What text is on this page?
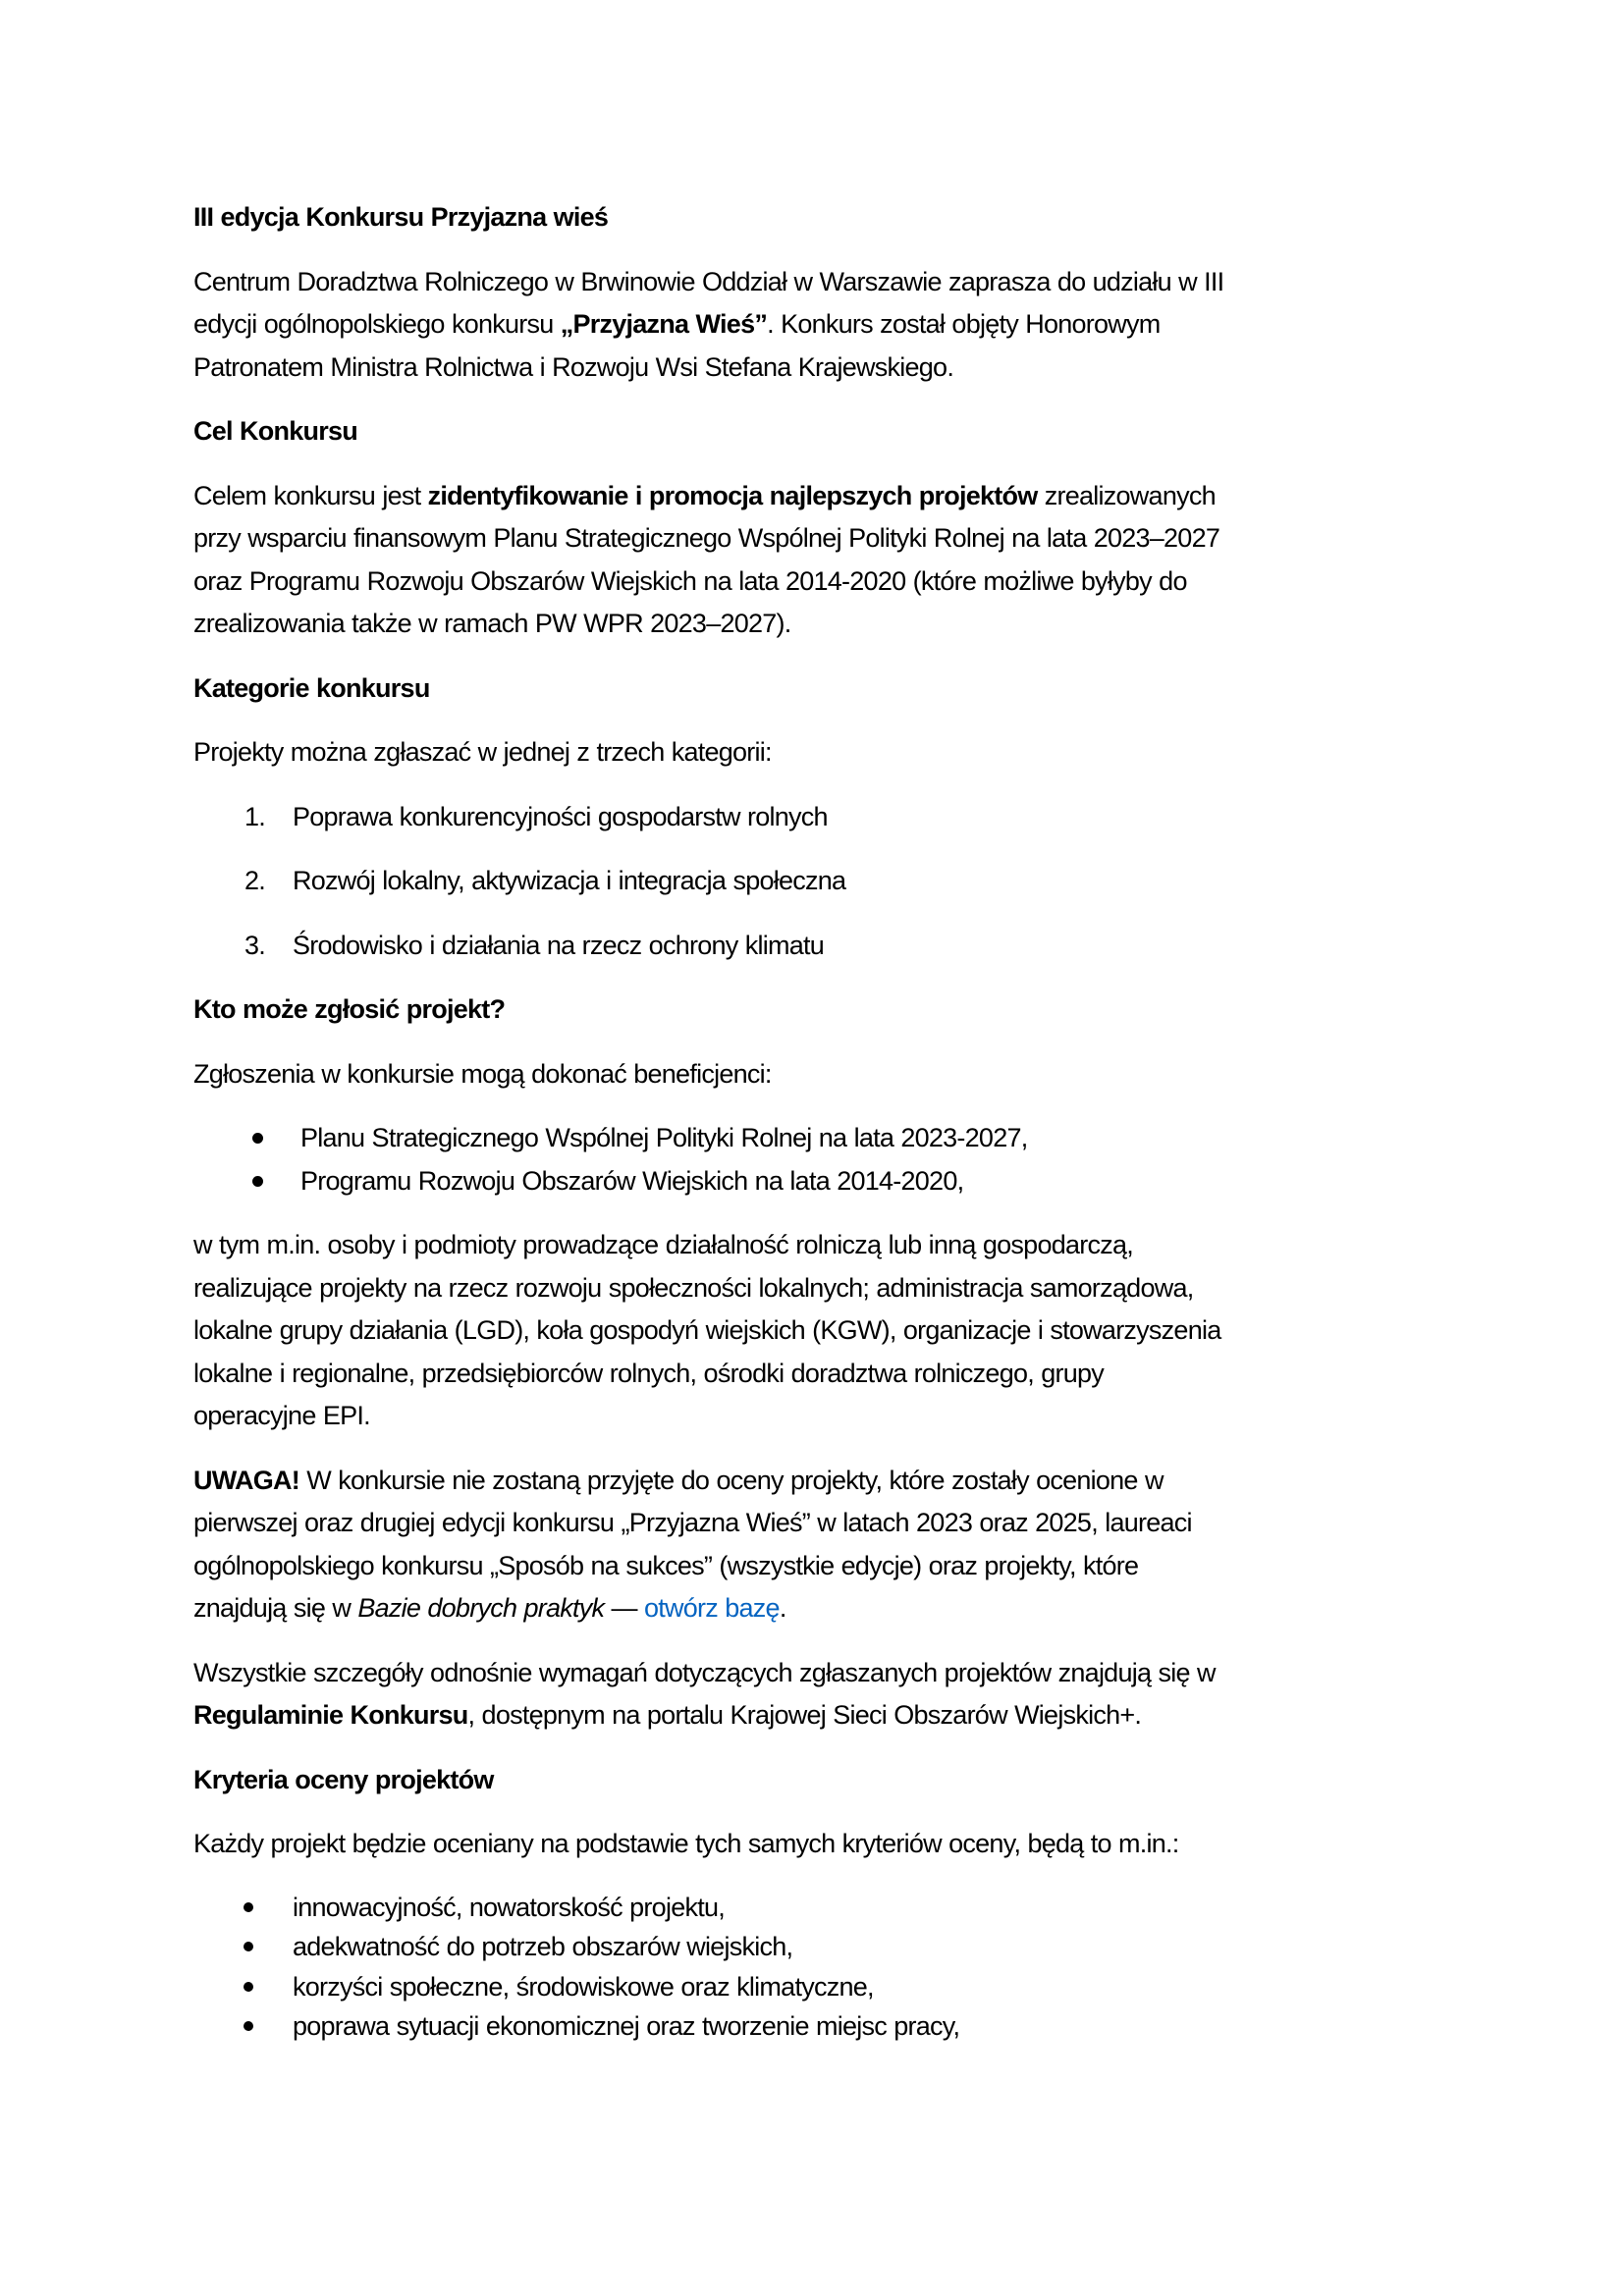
III edycja Konkursu Przyjazna wieś
Centrum Doradztwa Rolniczego w Brwinowie Oddział w Warszawie zaprasza do udziału w III
edycji ogólnopolskiego konkursu „Przyjazna Wieś”. Konkurs został objęty Honorowym
Patronatem Ministra Rolnictwa i Rozwoju Wsi Stefana Krajewskiego.
Cel Konkursu
Celem konkursu jest zidentyfikowanie i promocja najlepszych projektów zrealizowanych
przy wsparciu finansowym Planu Strategicznego Wspólnej Polityki Rolnej na lata 2023–2027
oraz Programu Rozwoju Obszarów Wiejskich na lata 2014-2020 (które możliwe byłyby do
zrealizowania także w ramach PW WPR 2023–2027).
Kategorie konkursu
Projekty można zgłaszać w jednej z trzech kategorii:
1. Poprawa konkurencyjności gospodarstw rolnych
2. Rozwój lokalny, aktywizacja i integracja społeczna
3. Środowisko i działania na rzecz ochrony klimatu
Kto może zgłosić projekt?
Zgłoszenia w konkursie mogą dokonać beneficjenci:
Planu Strategicznego Wspólnej Polityki Rolnej na lata 2023-2027,
Programu Rozwoju Obszarów Wiejskich na lata 2014-2020,
w tym m.in. osoby i podmioty prowadzące działalność rolniczą lub inną gospodarczą,
realizujące projekty na rzecz rozwoju społeczności lokalnych; administracja samorządowa,
lokalne grupy działania (LGD), koła gospodyń wiejskich (KGW), organizacje i stowarzyszenia
lokalne i regionalne, przedsiębiorców rolnych, ośrodki doradztwa rolniczego, grupy
operacyjne EPI.
UWAGA! W konkursie nie zostaną przyjęte do oceny projekty, które zostały ocenione w
pierwszej oraz drugiej edycji konkursu „Przyjazna Wieś” w latach 2023 oraz 2025, laureaci
ogólnopolskiego konkursu „Sposób na sukces” (wszystkie edycje) oraz projekty, które
znajdują się w Bazie dobrych praktyk — otwórz bazę.
Wszystkie szczegóły odnośnie wymagań dotyczących zgłaszanych projektów znajdują się w
Regulaminie Konkursu, dostępnym na portalu Krajowej Sieci Obszarów Wiejskich+.
Kryteria oceny projektów
Każdy projekt będzie oceniany na podstawie tych samych kryteriów oceny, będą to m.in.:
innowacyjność, nowatorskość projektu,
adekwatność do potrzeb obszarów wiejskich,
korzyści społeczne, środowiskowe oraz klimatyczne,
poprawa sytuacji ekonomicznej oraz tworzenie miejsc pracy,
